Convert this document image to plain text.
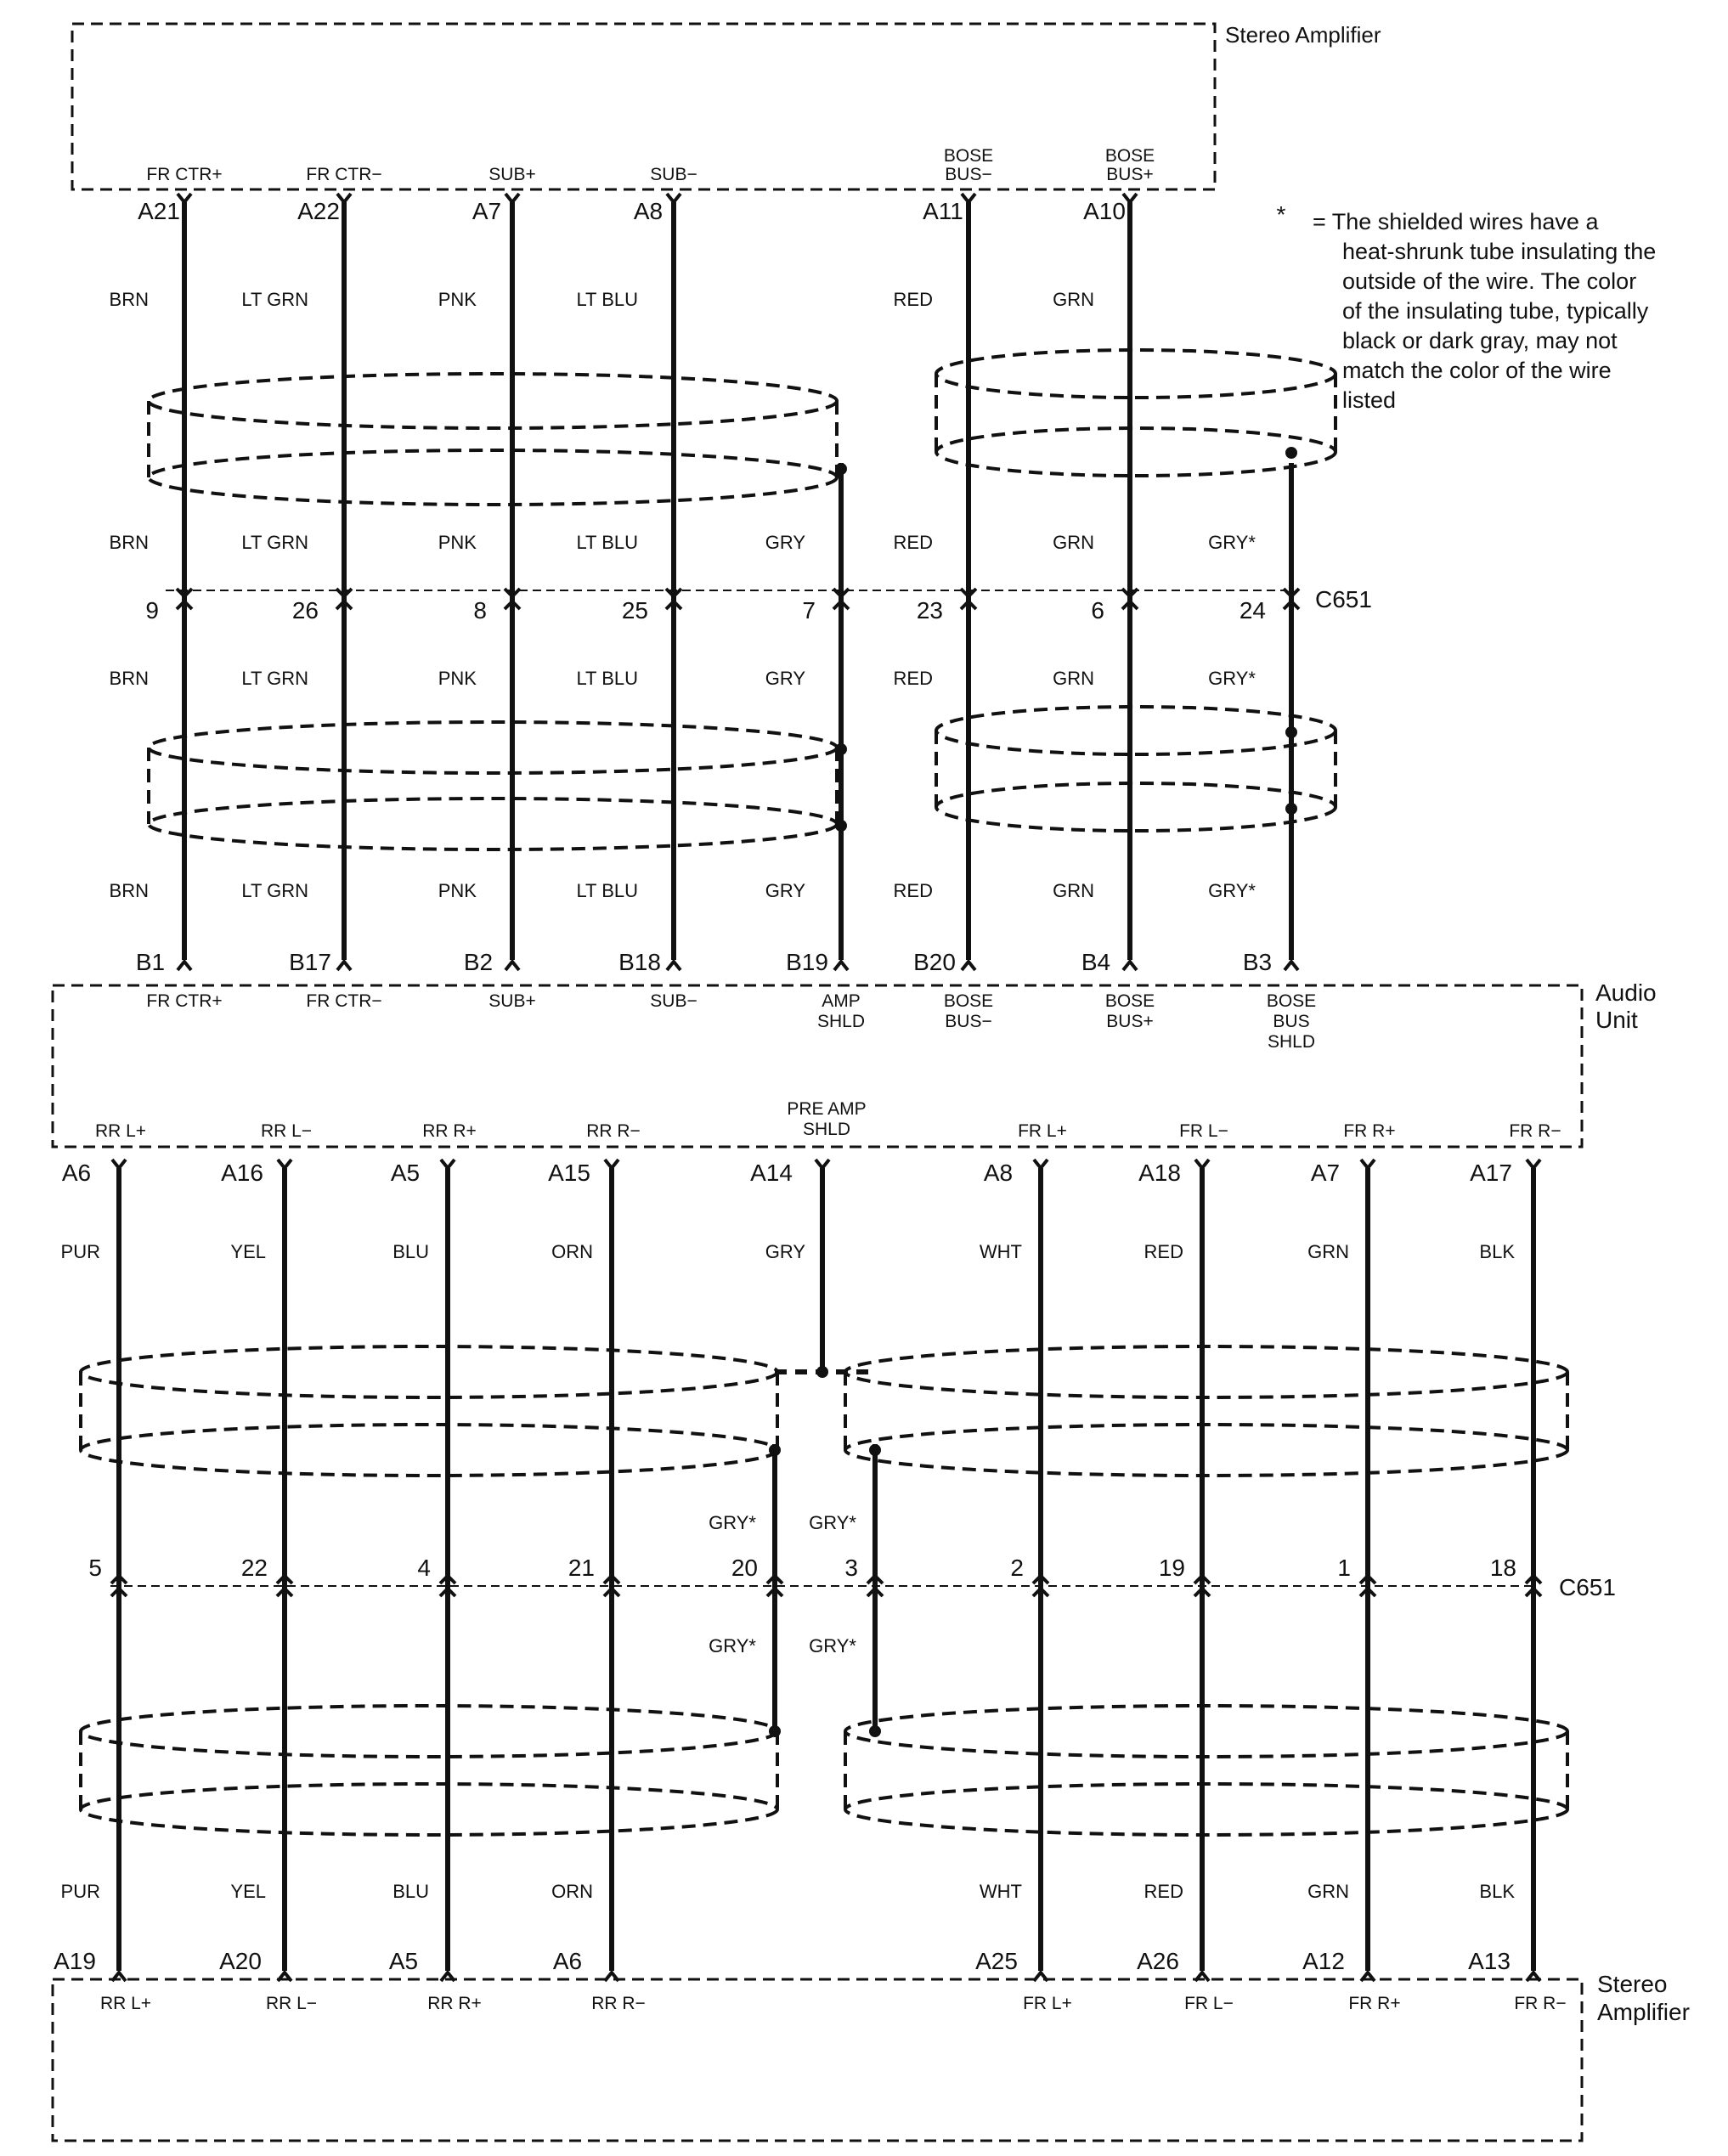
Stereo Amplifier
Audio
Unit
C651
A21
FR CTR+
BRN
BRN
9
BRN
BRN
B1
FR CTR+
A22
FR CTR−
LT GRN
LT GRN
26
LT GRN
LT GRN
B17
FR CTR−
A7
SUB+
PNK
PNK
8
PNK
PNK
B2
SUB+
A8
SUB−
LT BLU
LT BLU
25
LT BLU
LT BLU
B18
SUB−
GRY
7
GRY
GRY
B19
AMP
SHLD
A11
BOSE
BUS−
RED
RED
23
RED
RED
B20
BOSE
BUS−
A10
BOSE
BUS+
GRN
GRN
6
GRN
GRN
B4
BOSE
BUS+
GRY*
24
GRY*
GRY*
B3
BOSE
BUS
SHLD
* = The shielded wires have a
heat-shrunk tube insulating the
outside of the wire. The color
of the insulating tube, typically
black or dark gray, may not
match the color of the wire
listed
Stereo
Amplifier
C651
RR L+
A6
PUR
5
PUR
A19
RR L+
RR L−
A16
YEL
22
YEL
A20
RR L−
RR R+
A5
BLU
4
BLU
A5
RR R+
RR R−
A15
ORN
21
ORN
A6
RR R−
FR L+
A8
WHT
2
WHT
A25
FR L+
FR L−
A18
RED
19
RED
A26
FR L−
FR R+
A7
GRN
1
GRN
A12
FR R+
FR R−
A17
BLK
18
BLK
A13
FR R−
PRE AMP
SHLD
A14
GRY
GRY*
20
GRY*
GRY*
3
GRY*
